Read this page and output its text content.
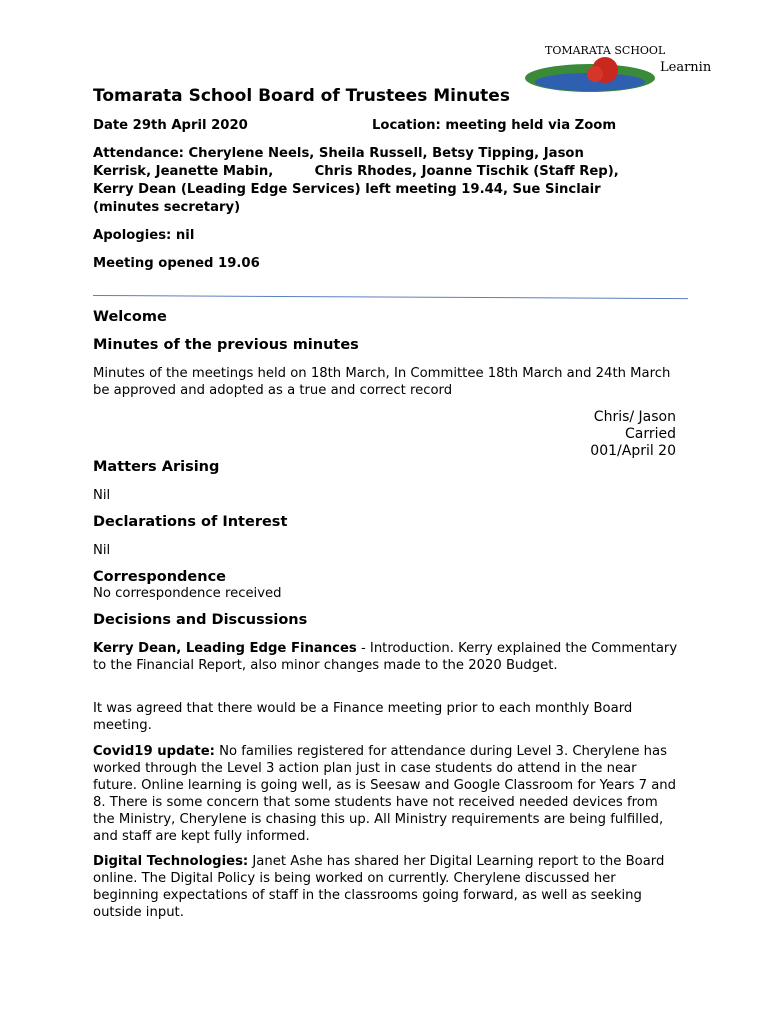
TOMARATA SCHOOL
Learnin
Tomarata School Board of Trustees Minutes
Date 29th April 2020	Location: meeting held via Zoom
Attendance: Cherylene Neels, Sheila Russell, Betsy Tipping, Jason
Kerrisk, Jeanette Mabin,         Chris Rhodes, Joanne Tischik (Staff Rep),
Kerry Dean (Leading Edge Services) left meeting 19.44, Sue Sinclair
(minutes secretary)
Apologies: nil
Meeting opened 19.06
Welcome
Minutes of the previous minutes
Minutes of the meetings held on 18th March, In Committee 18th March and 24th March be approved and adopted as a true and correct record
Chris/ Jason
Carried
001/April 20
Matters Arising
Nil
Declarations of Interest
Nil
Correspondence
No correspondence received
Decisions and Discussions
Kerry Dean, Leading Edge Finances - Introduction. Kerry explained the Commentary to the Financial Report, also minor changes made to the 2020 Budget.
It was agreed that there would be a Finance meeting prior to each monthly Board meeting.
Covid19 update: No families registered for attendance during Level 3. Cherylene has worked through the Level 3 action plan just in case students do attend in the near future. Online learning is going well, as is Seesaw and Google Classroom for Years 7 and 8. There is some concern that some students have not received needed devices from the Ministry, Cherylene is chasing this up. All Ministry requirements are being fulfilled, and staff are kept fully informed.
Digital Technologies: Janet Ashe has shared her Digital Learning report to the Board online. The Digital Policy is being worked on currently. Cherylene discussed her beginning expectations of staff in the classrooms going forward, as well as seeking outside input.
